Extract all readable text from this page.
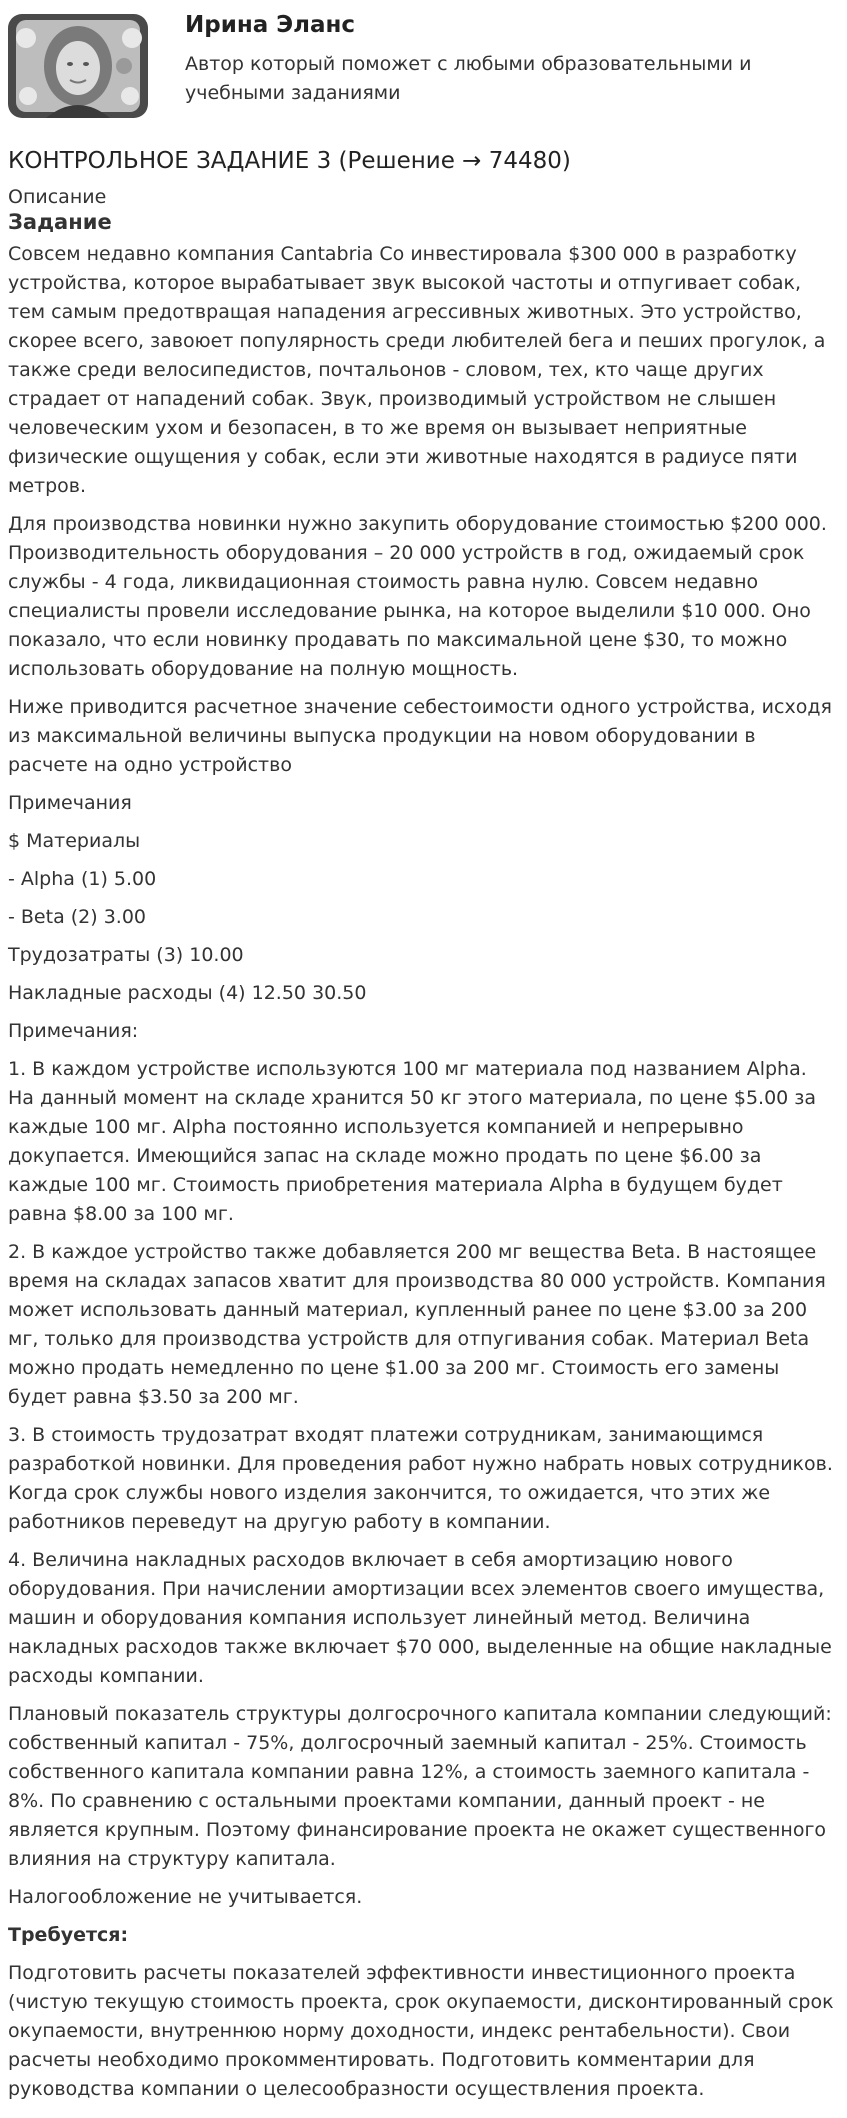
Ирина Эланс
Автор который поможет с любыми образовательными и учебными заданиями
КОНТРОЛЬНОЕ ЗАДАНИЕ 3 (Решение → 74480)
Описание
Задание

Совсем недавно компания Cantabria Co инвестировала $300 000 в разработку устройства, которое вырабатывает звук высокой частоты и отпугивает собак, тем самым предотвращая нападения агрессивных животных. Это устройство, скорее всего, завоюет популярность среди любителей бега и пеших прогулок, а также среди велосипедистов, почтальонов - словом, тех, кто чаще других страдает от нападений собак. Звук, производимый устройством не слышен человеческим ухом и безопасен, в то же время он вызывает неприятные физические ощущения у собак, если эти животные находятся в радиусе пяти метров.

Для производства новинки нужно закупить оборудование стоимостью $200 000. Производительность оборудования – 20 000 устройств в год, ожидаемый срок службы - 4 года, ликвидационная стоимость равна нулю. Совсем недавно специалисты провели исследование рынка, на которое выделили $10 000. Оно показало, что если новинку продавать по максимальной цене $30, то можно использовать оборудование на полную мощность.

Ниже приводится расчетное значение себестоимости одного устройства, исходя из максимальной величины выпуска продукции на новом оборудовании в расчете на одно устройство

Примечания

$ Материалы

- Alpha (1) 5.00

- Beta (2) 3.00

Трудозатраты (3) 10.00

Накладные расходы (4) 12.50 30.50

Примечания:

1. В каждом устройстве используются 100 мг материала под названием Alpha. На данный момент на складе хранится 50 кг этого материала, по цене $5.00 за каждые 100 мг. Alpha постоянно используется компанией и непрерывно докупается. Имеющийся запас на складе можно продать по цене $6.00 за каждые 100 мг. Стоимость приобретения материала Alpha в будущем будет равна $8.00 за 100 мг.

2. В каждое устройство также добавляется 200 мг вещества Beta. В настоящее время на складах запасов хватит для производства 80 000 устройств. Компания может использовать данный материал, купленный ранее по цене $3.00 за 200 мг, только для производства устройств для отпугивания собак. Материал Beta можно продать немедленно по цене $1.00 за 200 мг. Стоимость его замены будет равна $3.50 за 200 мг.

3. В стоимость трудозатрат входят платежи сотрудникам, занимающимся разработкой новинки. Для проведения работ нужно набрать новых сотрудников. Когда срок службы нового изделия закончится, то ожидается, что этих же работников переведут на другую работу в компании.

4. Величина накладных расходов включает в себя амортизацию нового оборудования. При начислении амортизации всех элементов своего имущества, машин и оборудования компания использует линейный метод. Величина накладных расходов также включает $70 000, выделенные на общие накладные расходы компании.

Плановый показатель структуры долгосрочного капитала компании следующий: собственный капитал - 75%, долгосрочный заемный капитал - 25%. Стоимость собственного капитала компании равна 12%, а стоимость заемного капитала - 8%. По сравнению с остальными проектами компании, данный проект - не является крупным. Поэтому финансирование проекта не окажет существенного влияния на структуру капитала.

Налогообложение не учитывается.

Требуется:

Подготовить расчеты показателей эффективности инвестиционного проекта (чистую текущую стоимость проекта, срок окупаемости, дисконтированный срок окупаемости, внутреннюю норму доходности, индекс рентабельности). Свои расчеты необходимо прокомментировать. Подготовить комментарии для руководства компании о целесообразности осуществления проекта.
